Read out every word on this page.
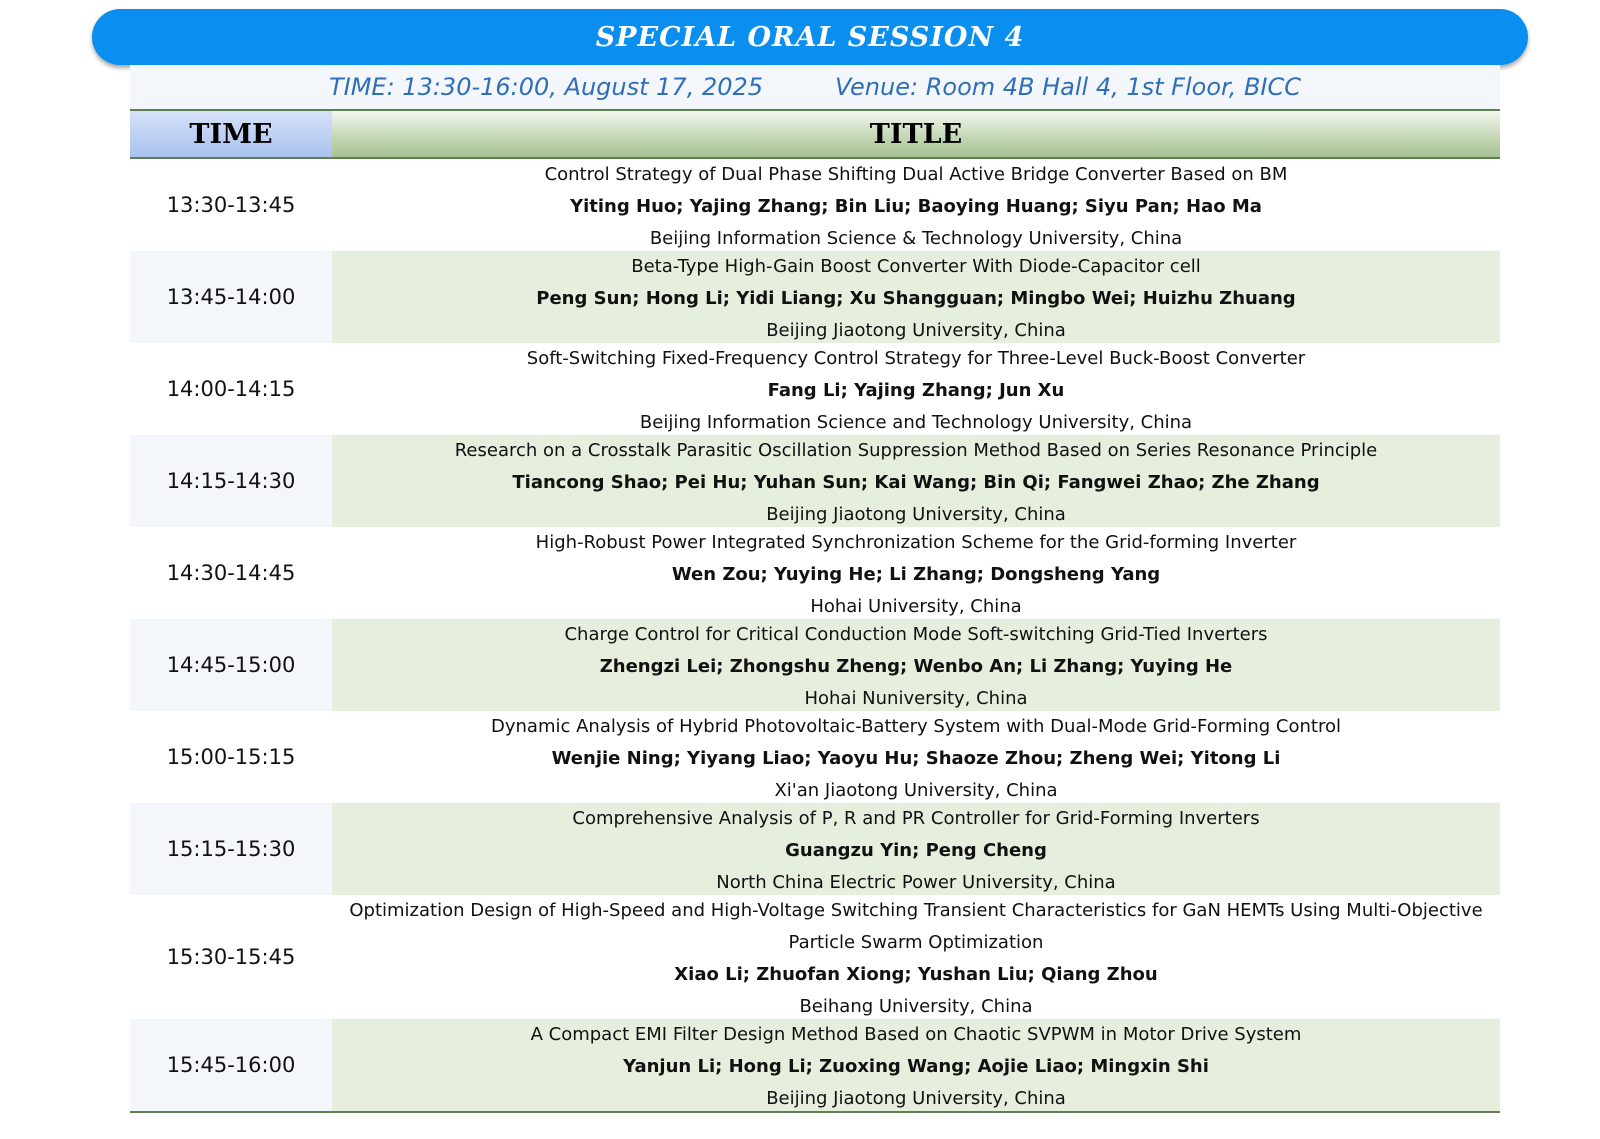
SPECIAL ORAL SESSION 4
TIME: 13:30-16:00, August 17, 2025	Venue: Room 4B Hall 4, 1st Floor, BICC
TIME	TITLE
13:30-13:45
Control Strategy of Dual Phase Shifting Dual Active Bridge Converter Based on BM
Yiting Huo; Yajing Zhang; Bin Liu; Baoying Huang; Siyu Pan; Hao Ma
Beijing Information Science & Technology University, China
13:45-14:00
Beta-Type High-Gain Boost Converter With Diode-Capacitor cell
Peng Sun; Hong Li; Yidi Liang; Xu Shangguan; Mingbo Wei; Huizhu Zhuang
Beijing Jiaotong University, China
14:00-14:15
Soft-Switching Fixed-Frequency Control Strategy for Three-Level Buck-Boost Converter
Fang Li; Yajing Zhang; Jun Xu
Beijing Information Science and Technology University, China
14:15-14:30
Research on a Crosstalk Parasitic Oscillation Suppression Method Based on Series Resonance Principle
Tiancong Shao; Pei Hu; Yuhan Sun; Kai Wang; Bin Qi; Fangwei Zhao; Zhe Zhang
Beijing Jiaotong University, China
14:30-14:45
High-Robust Power Integrated Synchronization Scheme for the Grid-forming Inverter
Wen Zou; Yuying He; Li Zhang; Dongsheng Yang
Hohai University, China
14:45-15:00
Charge Control for Critical Conduction Mode Soft-switching Grid-Tied Inverters
Zhengzi Lei; Zhongshu Zheng; Wenbo An; Li Zhang; Yuying He
Hohai Nuniversity, China
15:00-15:15
Dynamic Analysis of Hybrid Photovoltaic-Battery System with Dual-Mode Grid-Forming Control
Wenjie Ning; Yiyang Liao; Yaoyu Hu; Shaoze Zhou; Zheng Wei; Yitong Li
Xi'an Jiaotong University, China
15:15-15:30
Comprehensive Analysis of P, R and PR Controller for Grid-Forming Inverters
Guangzu Yin; Peng Cheng
North China Electric Power University, China
15:30-15:45
Optimization Design of High-Speed and High-Voltage Switching Transient Characteristics for GaN HEMTs Using Multi-Objective Particle Swarm Optimization
Xiao Li; Zhuofan Xiong; Yushan Liu; Qiang Zhou
Beihang University, China
15:45-16:00
A Compact EMI Filter Design Method Based on Chaotic SVPWM in Motor Drive System
Yanjun Li; Hong Li; Zuoxing Wang; Aojie Liao; Mingxin Shi
Beijing Jiaotong University, China
